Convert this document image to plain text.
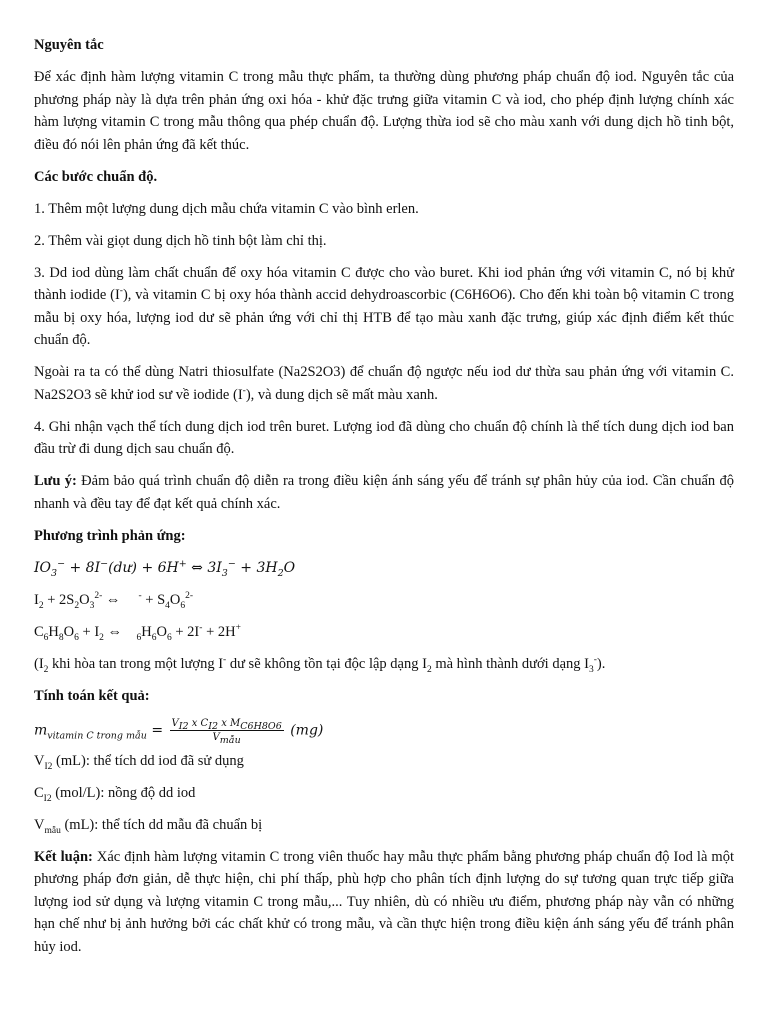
Nguyên tắc

Để xác định hàm lượng vitamin C trong mẫu thực phẩm, ta thường dùng phương pháp chuẩn độ iod. Nguyên tắc của phương pháp này là dựa trên phản ứng oxi hóa - khử đặc trưng giữa vitamin C và iod, cho phép định lượng chính xác hàm lượng vitamin C trong mẫu thông qua phép chuẩn độ. Lượng thừa iod sẽ cho màu xanh với dung dịch hồ tinh bột, điều đó nói lên phản ứng đã kết thúc.

Các bước chuẩn độ.

1. Thêm một lượng dung dịch mẫu chứa vitamin C vào bình erlen.

2. Thêm vài giọt dung dịch hồ tinh bột làm chỉ thị.

3. Dd iod dùng làm chất chuẩn để oxy hóa vitamin C được cho vào buret. Khi iod phản ứng với vitamin C, nó bị khử thành iodide (I-), và vitamin C bị oxy hóa thành accid dehydroascorbic (C6H6O6). Cho đến khi toàn bộ vitamin C trong mẫu bị oxy hóa, lượng iod dư sẽ phản ứng với chỉ thị HTB để tạo màu xanh đặc trưng, giúp xác định điểm kết thúc chuẩn độ.

Ngoài ra ta có thể dùng Natri thiosulfate (Na2S2O3) để chuẩn độ ngược nếu iod dư thừa sau phản ứng với vitamin C. Na2S2O3 sẽ khử iod sư về iodide (I-), và dung dịch sẽ mất màu xanh.

4. Ghi nhận vạch thể tích dung dịch iod trên buret. Lượng iod đã dùng cho chuẩn độ chính là thể tích dung dịch iod ban đầu trừ đi dung dịch sau chuẩn độ.

Lưu ý: Đảm bảo quá trình chuẩn độ diễn ra trong điều kiện ánh sáng yếu để tránh sự phân hủy của iod. Cần chuẩn độ nhanh và đều tay để đạt kết quả chính xác.

Phương trình phản ứng:

$IO_3^-$ + 8I−(dư) + 6H+ ⇔ $3I_3^- + 3H_2O$

$I_2 + 2S_2O_3^{2-}$ ⇔     $^- + S_4O_6^{2-}$

$C_6H_8O_6 + I_2$ ⇔    $_6H_6O_6 + 2I^- + 2H^+$

($I_2$ khi hòa tan trong một lượng I- dư sẽ không tồn tại độc lập dạng $I_2$ mà hình thành dưới dạng $I_3^-$).

Tính toán kết quả:

$m_{vitamin C trong mẫu} = \frac{V_{I2} x C_{I2} x M_{C6H8O6}}{V_{mẫu}} (mg)$

$V_{I2}$ (mL): thể tích dd iod đã sử dụng

$C_{I2}$ (mol/L): nồng độ dd iod

$V_{mẫu}$ (mL): thể tích dd mẫu đã chuẩn bị

Kết luận: Xác định hàm lượng vitamin C trong viên thuốc hay mẫu thực phẩm bằng phương pháp chuẩn độ Iod là một phương pháp đơn giản, dễ thực hiện, chi phí thấp, phù hợp cho phân tích định lượng do sự tương quan trực tiếp giữa lượng iod sử dụng và lượng vitamin C trong mẫu,... Tuy nhiên, dù có nhiều ưu điểm, phương pháp này vẫn có những hạn chế như bị ảnh hưởng bởi các chất khử có trong mẫu, và cần thực hiện trong điều kiện ánh sáng yếu để tránh phân hủy iod.
